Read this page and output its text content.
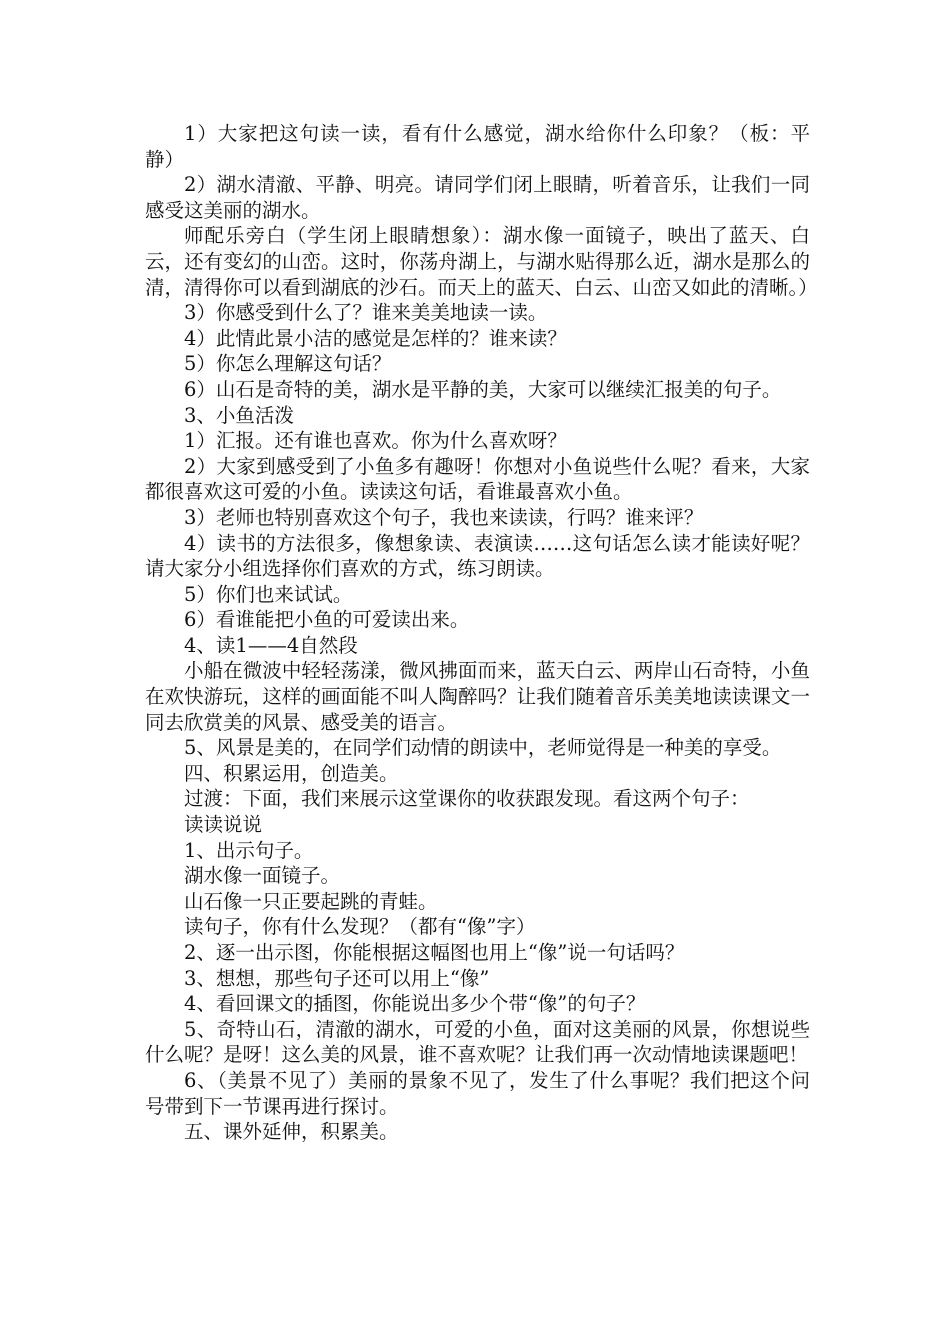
1）大家把这句读一读，看有什么感觉，湖水给你什么印象？（板：平静）

2）湖水清澈、平静、明亮。请同学们闭上眼睛，听着音乐，让我们一同感受这美丽的湖水。

师配乐旁白（学生闭上眼睛想象）：湖水像一面镜子，映出了蓝天、白云，还有变幻的山峦。这时，你荡舟湖上，与湖水贴得那么近，湖水是那么的清，清得你可以看到湖底的沙石。而天上的蓝天、白云、山峦又如此的清晰。）

3）你感受到什么了？谁来美美地读一读。

4）此情此景小洁的感觉是怎样的？谁来读？

5）你怎么理解这句话？

6）山石是奇特的美，湖水是平静的美，大家可以继续汇报美的句子。

3、小鱼活泼

1）汇报。还有谁也喜欢。你为什么喜欢呀？

2）大家到感受到了小鱼多有趣呀！你想对小鱼说些什么呢？看来，大家都很喜欢这可爱的小鱼。读读这句话，看谁最喜欢小鱼。

3）老师也特别喜欢这个句子，我也来读读，行吗？谁来评？

4）读书的方法很多，像想象读、表演读……这句话怎么读才能读好呢？请大家分小组选择你们喜欢的方式，练习朗读。

5）你们也来试试。

6）看谁能把小鱼的可爱读出来。

4、读1——4自然段

小船在微波中轻轻荡漾，微风拂面而来，蓝天白云、两岸山石奇特，小鱼在欢快游玩，这样的画面能不叫人陶醉吗？让我们随着音乐美美地读读课文一同去欣赏美的风景、感受美的语言。

5、风景是美的，在同学们动情的朗读中，老师觉得是一种美的享受。

四、积累运用，创造美。

过渡：下面，我们来展示这堂课你的收获跟发现。看这两个句子：

读读说说

1、出示句子。

湖水像一面镜子。

山石像一只正要起跳的青蛙。

读句子，你有什么发现？（都有“像”字）

2、逐一出示图，你能根据这幅图也用上“像”说一句话吗？

3、想想，那些句子还可以用上“像”

4、看回课文的插图，你能说出多少个带“像”的句子？

5、奇特山石，清澈的湖水，可爱的小鱼，面对这美丽的风景，你想说些什么呢？是呀！这么美的风景，谁不喜欢呢？让我们再一次动情地读课题吧！

6、（美景不见了）美丽的景象不见了，发生了什么事呢？我们把这个问号带到下一节课再进行探讨。

五、课外延伸，积累美。
